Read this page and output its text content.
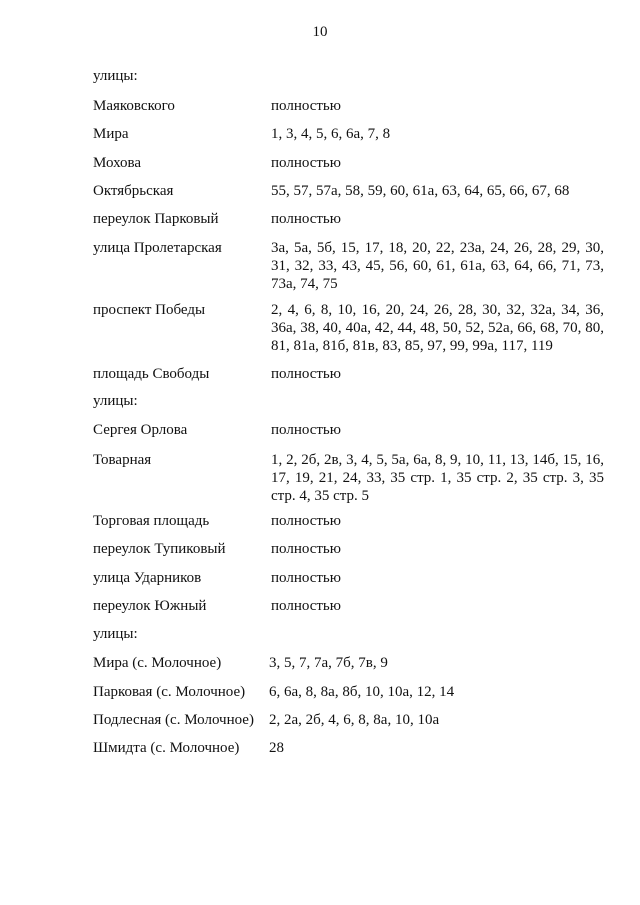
10
улицы:
Маяковского	полностью
Мира	1, 3, 4, 5, 6, 6а, 7, 8
Мохова	полностью
Октябрьская	55, 57, 57а, 58, 59, 60, 61а, 63, 64, 65, 66, 67, 68
переулок Парковый	полностью
улица Пролетарская	3а, 5а, 5б, 15, 17, 18, 20, 22, 23а, 24, 26, 28, 29, 30, 31, 32, 33, 43, 45, 56, 60, 61, 61а, 63, 64, 66, 71, 73, 73а, 74, 75
проспект Победы	2, 4, 6, 8, 10, 16, 20, 24, 26, 28, 30, 32, 32а, 34, 36, 36а, 38, 40, 40а, 42, 44, 48, 50, 52, 52а, 66, 68, 70, 80, 81, 81а, 81б, 81в, 83, 85, 97, 99, 99а, 117, 119
площадь Свободы	полностью
улицы:
Сергея Орлова	полностью
Товарная	1, 2, 2б, 2в, 3, 4, 5, 5а, 6а, 8, 9, 10, 11, 13, 14б, 15, 16, 17, 19, 21, 24, 33, 35 стр. 1, 35 стр. 2, 35 стр. 3, 35 стр. 4, 35 стр. 5
Торговая площадь	полностью
переулок Тупиковый	полностью
улица Ударников	полностью
переулок Южный	полностью
улицы:
Мира (с. Молочное)	3, 5, 7, 7а, 7б, 7в, 9
Парковая (с. Молочное) 6, 6а, 8, 8а, 8б, 10, 10а, 12, 14
Подлесная (с. Молочное) 2, 2а, 2б, 4, 6, 8, 8а, 10, 10а
Шмидта (с. Молочное) 28
